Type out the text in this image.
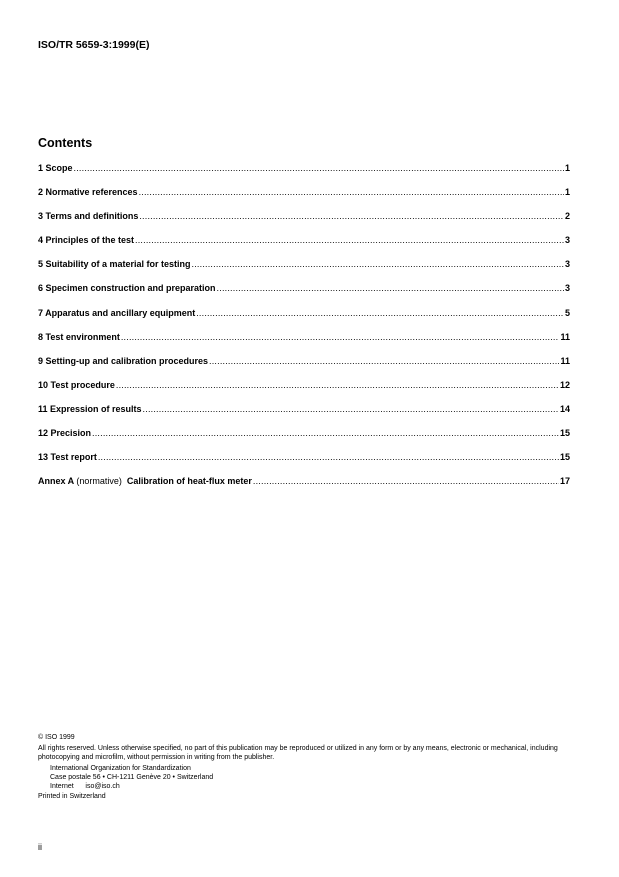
ISO/TR 5659-3:1999(E)
Contents
1 Scope .....	1
2 Normative references .....	1
3 Terms and definitions .....	2
4 Principles of the test .....	3
5 Suitability of a material for testing .....	3
6 Specimen construction and preparation .....	3
7 Apparatus and ancillary equipment .....	5
8 Test environment .....	11
9 Setting-up and calibration procedures .....	11
10 Test procedure .....	12
11 Expression of results .....	14
12 Precision .....	15
13 Test report .....	15
Annex A (normative) Calibration of heat-flux meter .....	17

© ISO 1999

All rights reserved. Unless otherwise specified, no part of this publication may be reproduced or utilized in any form or by any means, electronic or mechanical, including photocopying and microfilm, without permission in writing from the publisher.

International Organization for Standardization

Case postale 56 • CH-1211 Genève 20 • Switzerland

Internet iso@iso.ch

Printed in Switzerland

ii
